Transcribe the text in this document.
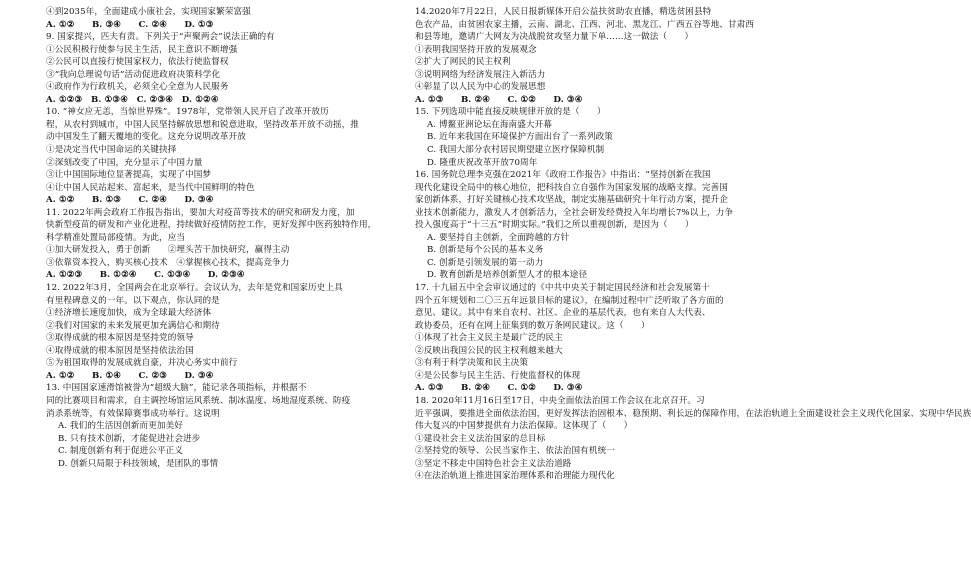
④到2035年，全面建成小康社会，实现国家繁荣富强
A. ①②　　B. ③④　　C. ②④　　D. ①③
9. 国家提兴，匹夫有责。下列关于“声聚两会”说法正确的有
①公民积极行使参与民主生活，民主意识不断增强
②公民可以直接行使国家权力，依法行使监督权
③“我向总理说句话”活动促进政府决策科学化
④政府作为行政机关，必须全心全意为人民服务
A. ①②③　B. ①③④　C. ②③④　D. ①②④
10. “神女应无恙，当惊世界殊”。1978年，党带领人民开启了改革开放历
程，从农村到城市，中国人民坚持解放思想和锐意进取，坚持改革开放不动摇，推
动中国发生了翻天覆地的变化。这充分说明改革开放
①是决定当代中国命运的关键抉择
②深刻改变了中国，充分显示了中国力量
③让中国国际地位显著提高，实现了中国梦
④让中国人民站起来、富起来，是当代中国鲜明的特色
A. ①②　　B. ①③　　C. ②④　　D. ③④
11. 2022年两会政府工作报告指出，要加大对疫苗等技术的研究和研发力度，加
快新型疫苗的研发和产业化进程，持续做好疫情防控工作，更好发挥中医药独特作用，
科学精准处置局部疫情。为此，应当
①加大研发投入，勇于创新　　②埋头苦干加快研究，赢得主动
③依靠资本投入，购买核心技术　④掌握核心技术，提高竞争力
A. ①②③　　B. ①②④　　C. ①③④　　D. ②③④
12. 2022年3月，全国两会在北京举行。会议认为，去年是党和国家历史上具
有里程碑意义的一年。以下观点，你认同的是
①经济增长速度加快，成为全球最大经济体
②我们对国家的未来发展更加充满信心和期待
③取得成就的根本原因是坚持党的领导
④取得成就的根本原因是坚持依法治国
⑤为祖国取得的发展成就自豪，并决心务实中前行
A. ①②　　B. ①④　　C. ②③　　D. ③④
13. 中国国家速滑馆被誉为“超级大脑”，能记录各项指标，并根据不
同的比赛项目和需求，自主调控场馆运风系统、制冰温度、场地湿度系统、防疫
消杀系统等，有效保障赛事成功举行。这说明
A. 我们的生活因创新而更加美好
B. 只有技术创新，才能促进社会进步
C. 制度创新有利于促进公平正义
D. 创新只局限于科技领域，是团队的事情
14.2020年7月22日，人民日报新媒体开启公益扶贫助农直播，精选贫困县特
色农产品，由贫困农家主播，云南、湖北、江西、河北、黑龙江、广西五谷等地、甘肃西
和县等地，邀请广大网友为决战脱贫攻坚力量下单……这一做法（　　）
①表明我国坚持开放的发展观念
②扩大了网民的民主权利
③说明网络为经济发展注入新活力
④彰显了以人民为中心的发展思想
A. ①③　　B. ②④　　C. ①②　　D. ③④
15. 下列选项中能直接反映规律开放的是（　　）
A. 博鳌亚洲论坛在海南盛大开幕
B. 近年来我国在环境保护方面出台了一系列政策
C. 我国大部分农村居民期望建立医疗保障机制
D. 隆重庆祝改革开放70周年
16. 国务院总理李克强在2021年《政府工作报告》中指出：“坚持创新在我国
现代化建设全局中的核心地位，把科技自立自强作为国家发展的战略支撑。完善国
家创新体系，打好关键核心技术攻坚战，制定实施基础研究十年行动方案，提升企
业技术创新能力，激发人才创新活力，全社会研发经费投入年均增长7%以上，力争
投入强度高于“十三五”时期实际。”我们之所以重视创新，是因为（　　）
A. 要坚持自主创新，全面跨越的方针
B. 创新是每个公民的基本义务
C. 创新是引领发展的第一动力
D. 教育创新是培养创新型人才的根本途径
17. 十九届五中全会审议通过的《中共中央关于制定国民经济和社会发展第十
四个五年规划和二〇三五年远景目标的建议》，在编制过程中广泛听取了各方面的
意见、建议。其中有来自农村、社区、企业的基层代表，也有来自人大代表、
政协委员，还有在网上征集到的数万条网民建议。这（　　）
①体现了社会主义民主是最广泛的民主
②反映出我国公民的民主权利越来越大
③有利于科学决策和民主决策
④是公民参与民主生活、行使监督权的体现
A. ①③　　B. ②④　　C. ①②　　D. ③④
18. 2020年11月16日至17日，中央全面依法治国工作会议在北京召开。习
近平强调，要推进全面依法治国，更好发挥法治固根本、稳预期、利长远的保障作用，在法治轨道上全面建设社会主义现代化国家、实现中华民族
伟大复兴的中国梦提供有力法治保障。这体现了（　　）
①建设社会主义法治国家的总目标
②坚持党的领导、公民当家作主、依法治国有机统一
③坚定不移走中国特色社会主义法治道路
④在法治轨道上推进国家治理体系和治理能力现代化
